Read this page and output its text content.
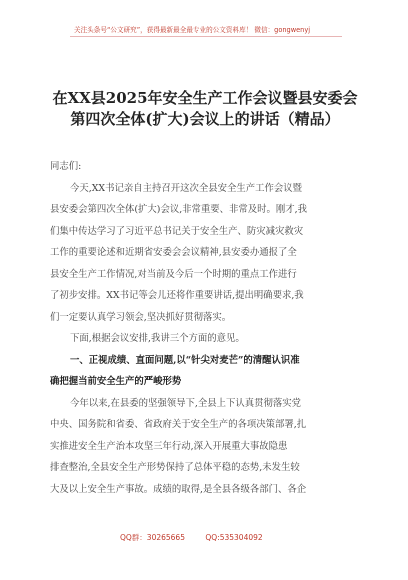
关注头条号“公文研究”，获得最新最全最专业的公文资料库！ 微信：gongwenyj
在XX县2025年安全生产工作会议暨县安委会
第四次全体(扩大)会议上的讲话（精品）
同志们:
今天,XX书记亲自主持召开这次全县安全生产工作会议暨
县安委会第四次全体(扩大)会议,非常重要、非常及时。刚才,我
们集中传达学习了习近平总书记关于安全生产、防灾减灾救灾
工作的重要论述和近期省安委会会议精神,县安委办通报了全
县安全生产工作情况,对当前及今后一个时期的重点工作进行
了初步安排。XX书记等会儿还将作重要讲话,提出明确要求,我
们一定要认真学习领会,坚决抓好贯彻落实。
下面,根据会议安排,我讲三个方面的意见。
一、正视成绩、直面问题,以“针尖对麦芒”的清醒认识准
确把握当前安全生产的严峻形势
今年以来,在县委的坚强领导下,全县上下认真贯彻落实党
中央、国务院和省委、省政府关于安全生产的各项决策部署,扎
实推进安全生产治本攻坚三年行动,深入开展重大事故隐患
排查整治,全县安全生产形势保持了总体平稳的态势,未发生较
大及以上安全生产事故。成绩的取得,是全县各级各部门、各企
QQ群：30265665	QQ:535304092
